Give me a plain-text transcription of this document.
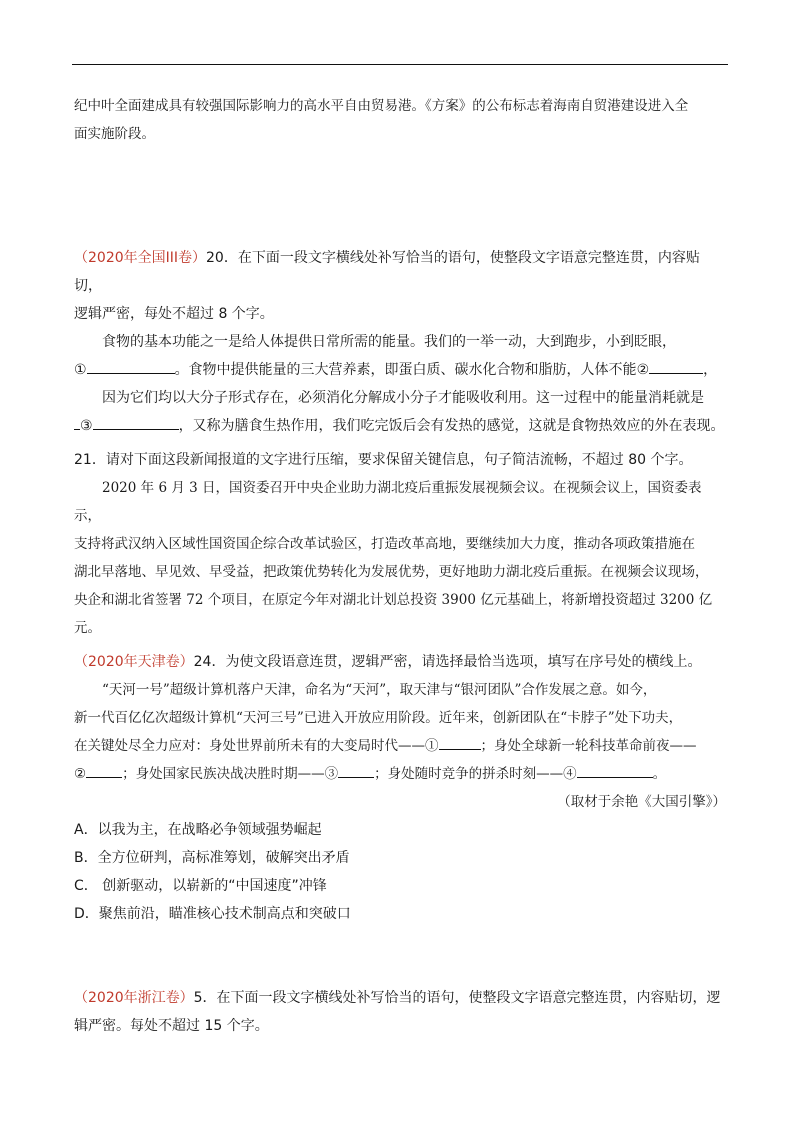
纪中叶全面建成具有较强国际影响力的高水平自由贸易港。《方案》的公布标志着海南自贸港建设进入全

面实施阶段。

（2020年全国III卷）20．在下面一段文字横线处补写恰当的语句，使整段文字语意完整连贯，内容贴切，

逻辑严密，每处不超过 8 个字。

食物的基本功能之一是给人体提供日常所需的能量。我们的一举一动，大到跑步，小到眨眼，

①	。食物中提供能量的三大营养素，即蛋白质、碳水化合物和脂肪，人体不能②	，

因为它们均以大分子形式存在，必须消化分解成小分子才能吸收利用。这一过程中的能量消耗就是

③	，又称为膳食生热作用，我们吃完饭后会有发热的感觉，这就是食物热效应的外在表现。

21．请对下面这段新闻报道的文字进行压缩，要求保留关键信息，句子简洁流畅，不超过 80 个字。

2020 年 6 月 3 日，国资委召开中央企业助力湖北疫后重振发展视频会议。在视频会议上，国资委表示，

支持将武汉纳入区域性国资国企综合改革试验区，打造改革高地，要继续加大力度，推动各项政策措施在

湖北早落地、早见效、早受益，把政策优势转化为发展优势，更好地助力湖北疫后重振。在视频会议现场，

央企和湖北省签署 72 个项目，在原定今年对湖北计划总投资 3900 亿元基础上，将新增投资超过 3200 亿元。

（2020年天津卷）24．为使文段语意连贯，逻辑严密，请选择最恰当选项，填写在序号处的横线上。

“天河一号”超级计算机落户天津，命名为“天河”，取天津与“银河团队”合作发展之意。如今，

新一代百亿亿次超级计算机“天河三号”已进入开放应用阶段。近年来，创新团队在“卡脖子”处下功夫，

在关键处尽全力应对：身处世界前所未有的大变局时代——①	；身处全球新一轮科技革命前夜——

②	；身处国家民族决战决胜时期——③	；身处随时竞争的拼杀时刻——④	。

（取材于余艳《大国引擎》）

A．以我为主，在战略必争领域强势崛起

B．全方位研判，高标准筹划，破解突出矛盾

C． 创新驱动，以崭新的“中国速度”冲锋

D．聚焦前沿，瞄准核心技术制高点和突破口

（2020年浙江卷）5．在下面一段文字横线处补写恰当的语句，使整段文字语意完整连贯，内容贴切，逻

辑严密。每处不超过 15 个字。
